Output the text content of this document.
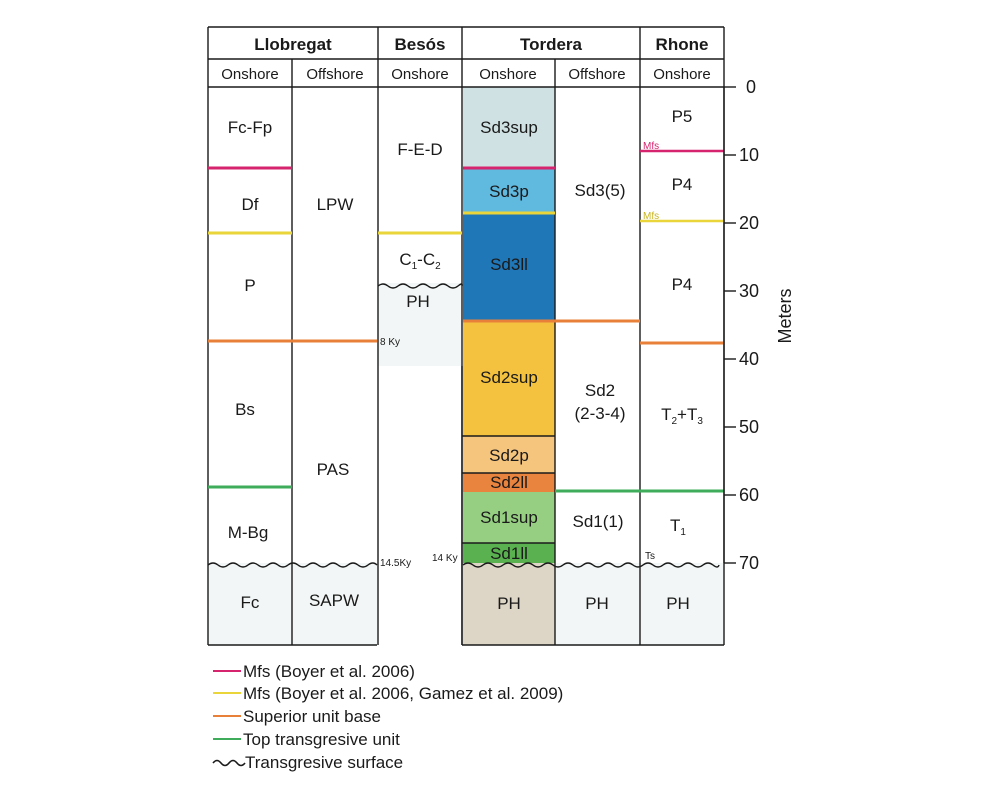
Llobregat	Besós	Tordera	Rhone
Onshore Offshore Onshore Onshore Offshore Onshore
Fc-Fp
Df
P
Bs
M-Bg
Fc
LPW
PAS
SAPW
F-E-D
$C_1-C_2$
PH
Sd3sup
Sd3p
Sd3ll
Sd2sup
Sd2p
Sd2ll
Sd1sup
Sd1ll
PH
Sd3(5)
Sd2
(2-3-4)
Sd1(1)
PH
P5
P4
P4
$T_2+T_3$
$T_1$
PH
8 Ky
14.5Ky 14 Ky
Mfs
Mfs
Ts
0
10
20
30
40
50
60
70
Meters
Mfs (Boyer et al. 2006)
Mfs (Boyer et al. 2006, Gamez et al. 2009)
Superior unit base
Top transgresive unit
Transgresive surface
